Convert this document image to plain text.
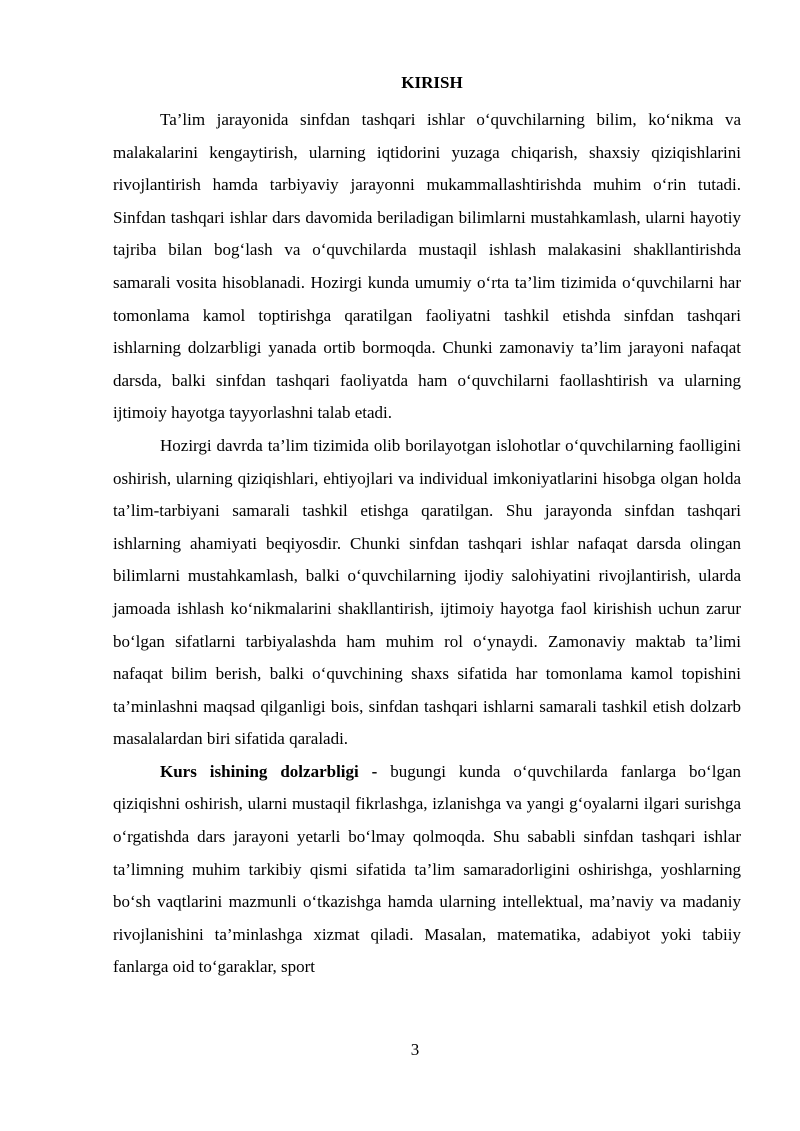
KIRISH

Ta’lim jarayonida sinfdan tashqari ishlar o‘quvchilarning bilim, ko‘nikma va malakalarini kengaytirish, ularning iqtidorini yuzaga chiqarish, shaxsiy qiziqishlarini rivojlantirish hamda tarbiyaviy jarayonni mukammallashtirishda muhim o‘rin tutadi. Sinfdan tashqari ishlar dars davomida beriladigan bilimlarni mustahkamlash, ularni hayotiy tajriba bilan bog‘lash va o‘quvchilarda mustaqil ishlash malakasini shakllantirishda samarali vosita hisoblanadi. Hozirgi kunda umumiy o‘rta ta’lim tizimida o‘quvchilarni har tomonlama kamol toptirishga qaratilgan faoliyatni tashkil etishda sinfdan tashqari ishlarning dolzarbligi yanada ortib bormoqda. Chunki zamonaviy ta’lim jarayoni nafaqat darsda, balki sinfdan tashqari faoliyatda ham o‘quvchilarni faollashtirish va ularning ijtimoiy hayotga tayyorlashni talab etadi.

Hozirgi davrda ta’lim tizimida olib borilayotgan islohotlar o‘quvchilarning faolligini oshirish, ularning qiziqishlari, ehtiyojlari va individual imkoniyatlarini hisobga olgan holda ta’lim-tarbiyani samarali tashkil etishga qaratilgan. Shu jarayonda sinfdan tashqari ishlarning ahamiyati beqiyosdir. Chunki sinfdan tashqari ishlar nafaqat darsda olingan bilimlarni mustahkamlash, balki o‘quvchilarning ijodiy salohiyatini rivojlantirish, ularda jamoada ishlash ko‘nikmalarini shakllantirish, ijtimoiy hayotga faol kirishish uchun zarur bo‘lgan sifatlarni tarbiyalashda ham muhim rol o‘ynaydi. Zamonaviy maktab ta’limi nafaqat bilim berish, balki o‘quvchining shaxs sifatida har tomonlama kamol topishini ta’minlashni maqsad qilganligi bois, sinfdan tashqari ishlarni samarali tashkil etish dolzarb masalalardan biri sifatida qaraladi.

Kurs ishining dolzarbligi - bugungi kunda o‘quvchilarda fanlarga bo‘lgan qiziqishni oshirish, ularni mustaqil fikrlashga, izlanishga va yangi g‘oyalarni ilgari surishga o‘rgatishda dars jarayoni yetarli bo‘lmay qolmoqda. Shu sababli sinfdan tashqari ishlar ta’limning muhim tarkibiy qismi sifatida ta’lim samaradorligini oshirishga, yoshlarning bo‘sh vaqtlarini mazmunli o‘tkazishga hamda ularning intellektual, ma’naviy va madaniy rivojlanishini ta’minlashga xizmat qiladi. Masalan, matematika, adabiyot yoki tabiiy fanlarga oid to‘garaklar, sport

3
